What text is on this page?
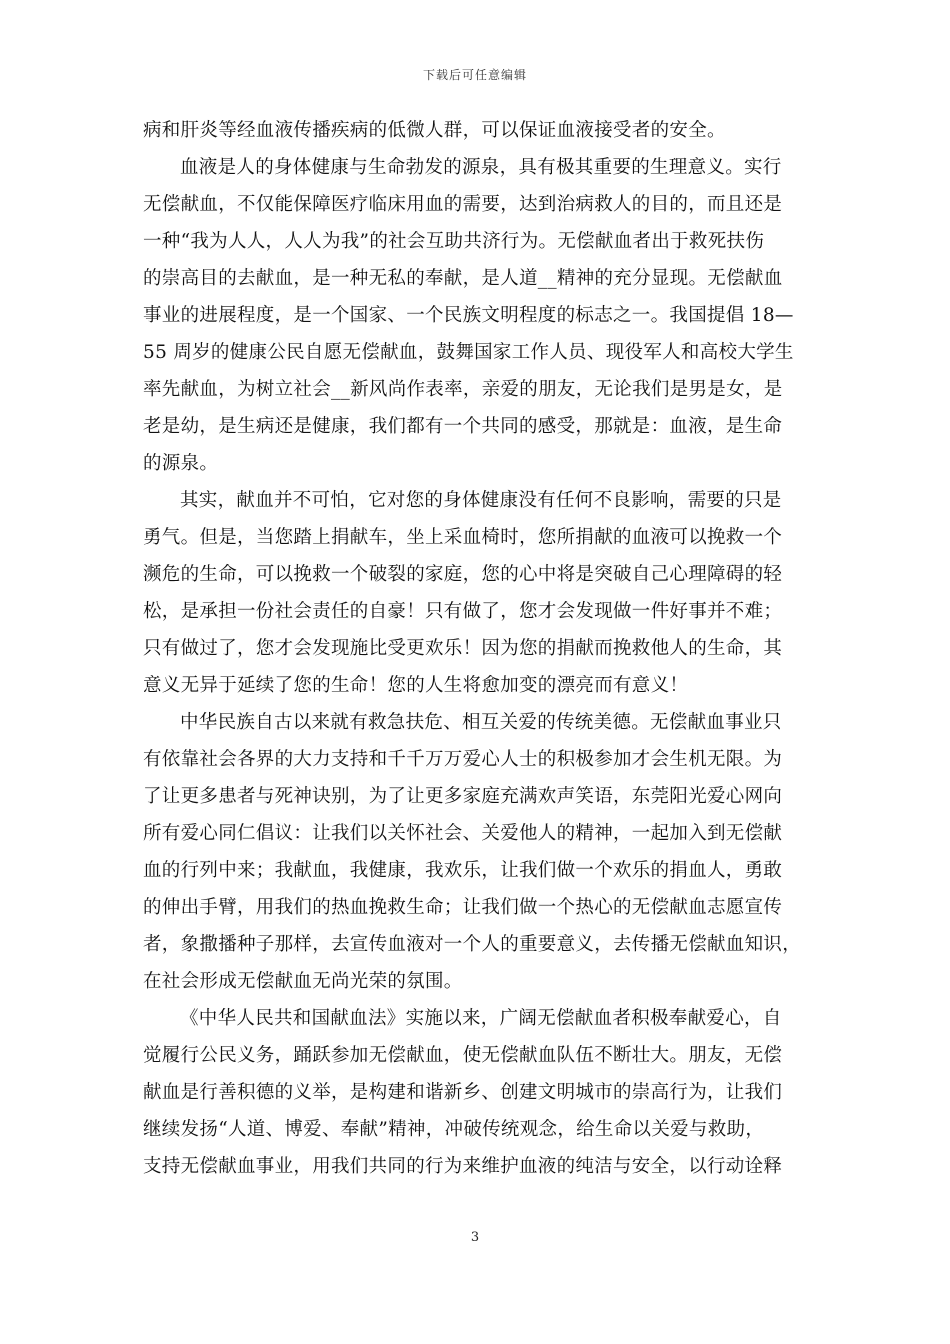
下载后可任意编辑
病和肝炎等经血液传播疾病的低微人群，可以保证血液接受者的安全。
血液是人的身体健康与生命勃发的源泉，具有极其重要的生理意义。实行
无偿献血，不仅能保障医疗临床用血的需要，达到治病救人的目的，而且还是
一种“我为人人，人人为我”的社会互助共济行为。无偿献血者出于救死扶伤
的崇高目的去献血，是一种无私的奉献，是人道__精神的充分显现。无偿献血
事业的进展程度，是一个国家、一个民族文明程度的标志之一。我国提倡 18—
55 周岁的健康公民自愿无偿献血，鼓舞国家工作人员、现役军人和高校大学生
率先献血，为树立社会__新风尚作表率，亲爱的朋友，无论我们是男是女，是
老是幼，是生病还是健康，我们都有一个共同的感受，那就是：血液，是生命
的源泉。
其实，献血并不可怕，它对您的身体健康没有任何不良影响，需要的只是
勇气。但是，当您踏上捐献车，坐上采血椅时，您所捐献的血液可以挽救一个
濒危的生命，可以挽救一个破裂的家庭，您的心中将是突破自己心理障碍的轻
松，是承担一份社会责任的自豪！只有做了，您才会发现做一件好事并不难；
只有做过了，您才会发现施比受更欢乐！因为您的捐献而挽救他人的生命，其
意义无异于延续了您的生命！您的人生将愈加变的漂亮而有意义！
中华民族自古以来就有救急扶危、相互关爱的传统美德。无偿献血事业只
有依靠社会各界的大力支持和千千万万爱心人士的积极参加才会生机无限。为
了让更多患者与死神诀别，为了让更多家庭充满欢声笑语，东莞阳光爱心网向
所有爱心同仁倡议：让我们以关怀社会、关爱他人的精神，一起加入到无偿献
血的行列中来；我献血，我健康，我欢乐，让我们做一个欢乐的捐血人，勇敢
的伸出手臂，用我们的热血挽救生命；让我们做一个热心的无偿献血志愿宣传
者，象撒播种子那样，去宣传血液对一个人的重要意义，去传播无偿献血知识，
在社会形成无偿献血无尚光荣的氛围。
《中华人民共和国献血法》实施以来，广阔无偿献血者积极奉献爱心，自
觉履行公民义务，踊跃参加无偿献血，使无偿献血队伍不断壮大。朋友，无偿
献血是行善积德的义举，是构建和谐新乡、创建文明城市的崇高行为，让我们
继续发扬“人道、博爱、奉献”精神，冲破传统观念，给生命以关爱与救助，
支持无偿献血事业，用我们共同的行为来维护血液的纯洁与安全，以行动诠释
3
